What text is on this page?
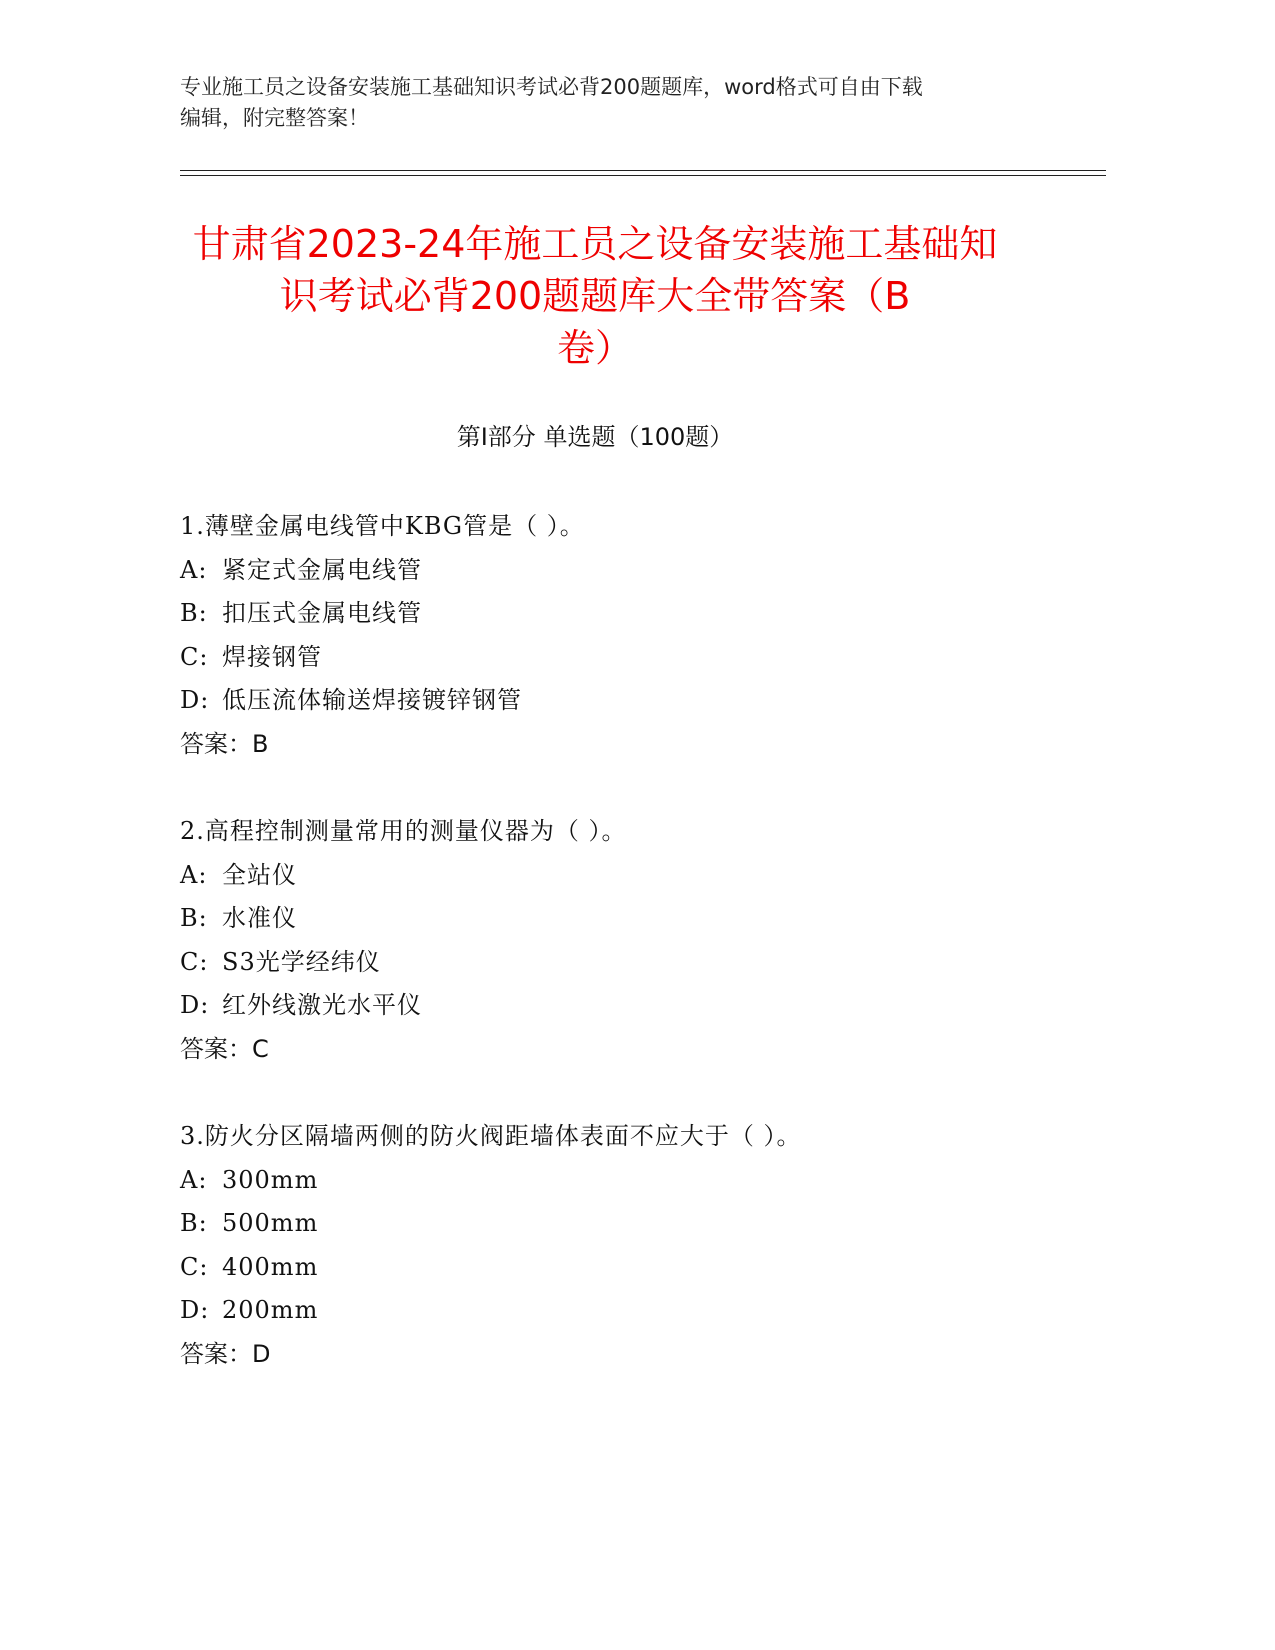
专业施工员之设备安装施工基础知识考试必背200题题库，word格式可自由下载
编辑，附完整答案！
甘肃省2023-24年施工员之设备安装施工基础知识考试必背200题题库大全带答案（B
卷）
第I部分 单选题（100题）
1.薄壁金属电线管中KBG管是（ ）。
A: 紧定式金属电线管
B: 扣压式金属电线管
C: 焊接钢管
D: 低压流体输送焊接镀锌钢管
答案：B
2.高程控制测量常用的测量仪器为（ ）。
A: 全站仪
B: 水准仪
C: S3光学经纬仪
D: 红外线激光水平仪
答案：C
3.防火分区隔墙两侧的防火阀距墙体表面不应大于（ ）。
A: 300mm
B: 500mm
C: 400mm
D: 200mm
答案：D
